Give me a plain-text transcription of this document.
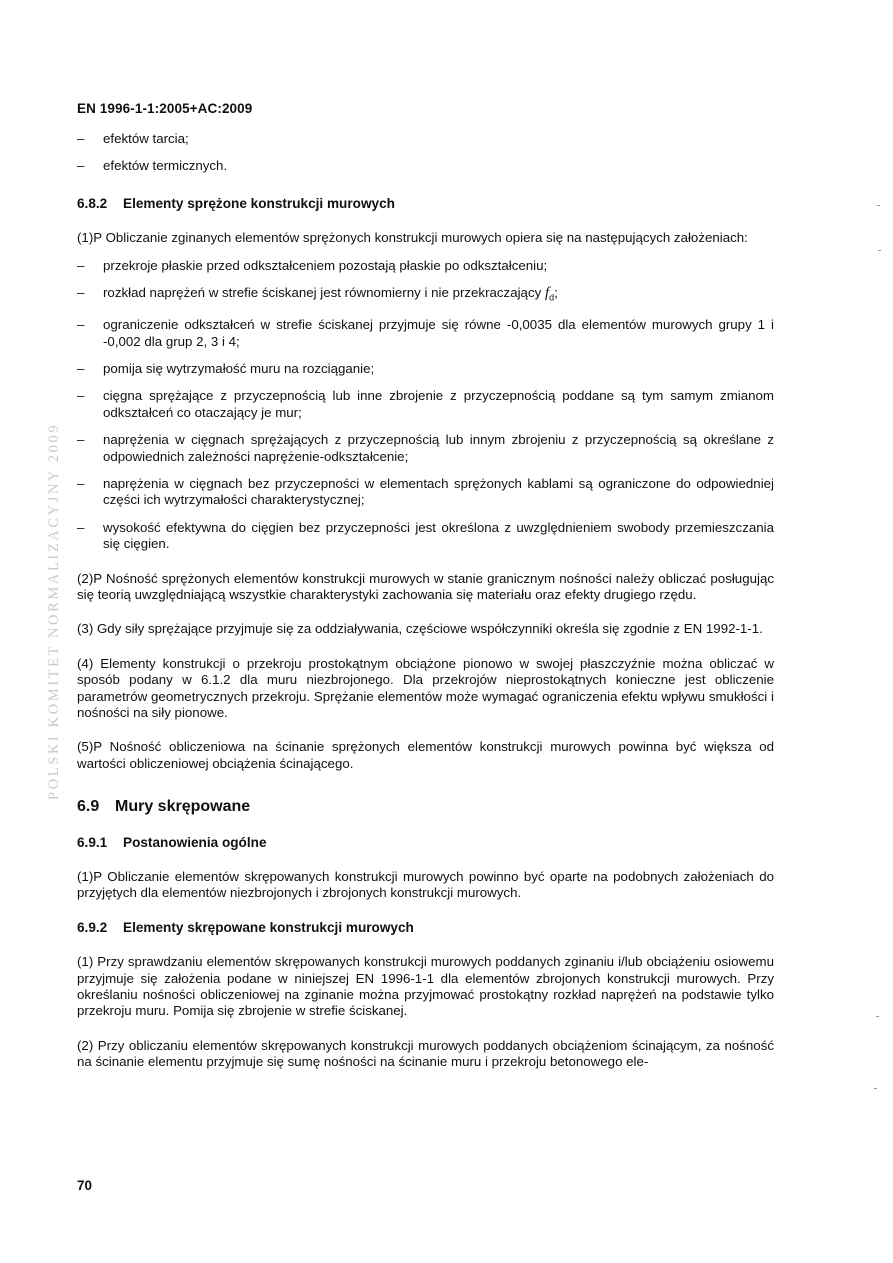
POLSKI KOMITET NORMALIZACYJNY 2009
EN 1996-1-1:2005+AC:2009
– efektów tarcia;
– efektów termicznych.
6.8.2 Elementy sprężone konstrukcji murowych
(1)P Obliczanie zginanych elementów sprężonych konstrukcji murowych opiera się na następujących założeniach:
– przekroje płaskie przed odkształceniem pozostają płaskie po odkształceniu;
– rozkład naprężeń w strefie ściskanej jest równomierny i nie przekraczający $f_d$;
– ograniczenie odkształceń w strefie ściskanej przyjmuje się równe -0,0035 dla elementów murowych grupy 1 i -0,002 dla grup 2, 3 i 4;
– pomija się wytrzymałość muru na rozciąganie;
– cięgna sprężające z przyczepnością lub inne zbrojenie z przyczepnością poddane są tym samym zmianom odkształceń co otaczający je mur;
– naprężenia w cięgnach sprężających z przyczepnością lub innym zbrojeniu z przyczepnością są określane z odpowiednich zależności naprężenie-odkształcenie;
– naprężenia w cięgnach bez przyczepności w elementach sprężonych kablami są ograniczone do odpowiedniej części ich wytrzymałości charakterystycznej;
– wysokość efektywna do cięgien bez przyczepności jest określona z uwzględnieniem swobody przemieszczania się cięgien.
(2)P Nośność sprężonych elementów konstrukcji murowych w stanie granicznym nośności należy obliczać posługując się teorią uwzględniającą wszystkie charakterystyki zachowania się materiału oraz efekty drugiego rzędu.
(3) Gdy siły sprężające przyjmuje się za oddziaływania, częściowe współczynniki określa się zgodnie z EN 1992-1-1.
(4) Elementy konstrukcji o przekroju prostokątnym obciążone pionowo w swojej płaszczyźnie można obliczać w sposób podany w 6.1.2 dla muru niezbrojonego. Dla przekrojów nieprostokątnych konieczne jest obliczenie parametrów geometrycznych przekroju. Sprężanie elementów może wymagać ograniczenia efektu wpływu smukłości i nośności na siły pionowe.
(5)P Nośność obliczeniowa na ścinanie sprężonych elementów konstrukcji murowych powinna być większa od wartości obliczeniowej obciążenia ścinającego.
6.9 Mury skrępowane
6.9.1 Postanowienia ogólne
(1)P Obliczanie elementów skrępowanych konstrukcji murowych powinno być oparte na podobnych założeniach do przyjętych dla elementów niezbrojonych i zbrojonych konstrukcji murowych.
6.9.2 Elementy skrępowane konstrukcji murowych
(1) Przy sprawdzaniu elementów skrępowanych konstrukcji murowych poddanych zginaniu i/lub obciążeniu osiowemu przyjmuje się założenia podane w niniejszej EN 1996-1-1 dla elementów zbrojonych konstrukcji murowych. Przy określaniu nośności obliczeniowej na zginanie można przyjmować prostokątny rozkład naprężeń na podstawie tylko przekroju muru. Pomija się zbrojenie w strefie ściskanej.
(2) Przy obliczaniu elementów skrępowanych konstrukcji murowych poddanych obciążeniom ścinającym, za nośność na ścinanie elementu przyjmuje się sumę nośności na ścinanie muru i przekroju betonowego ele-
70
